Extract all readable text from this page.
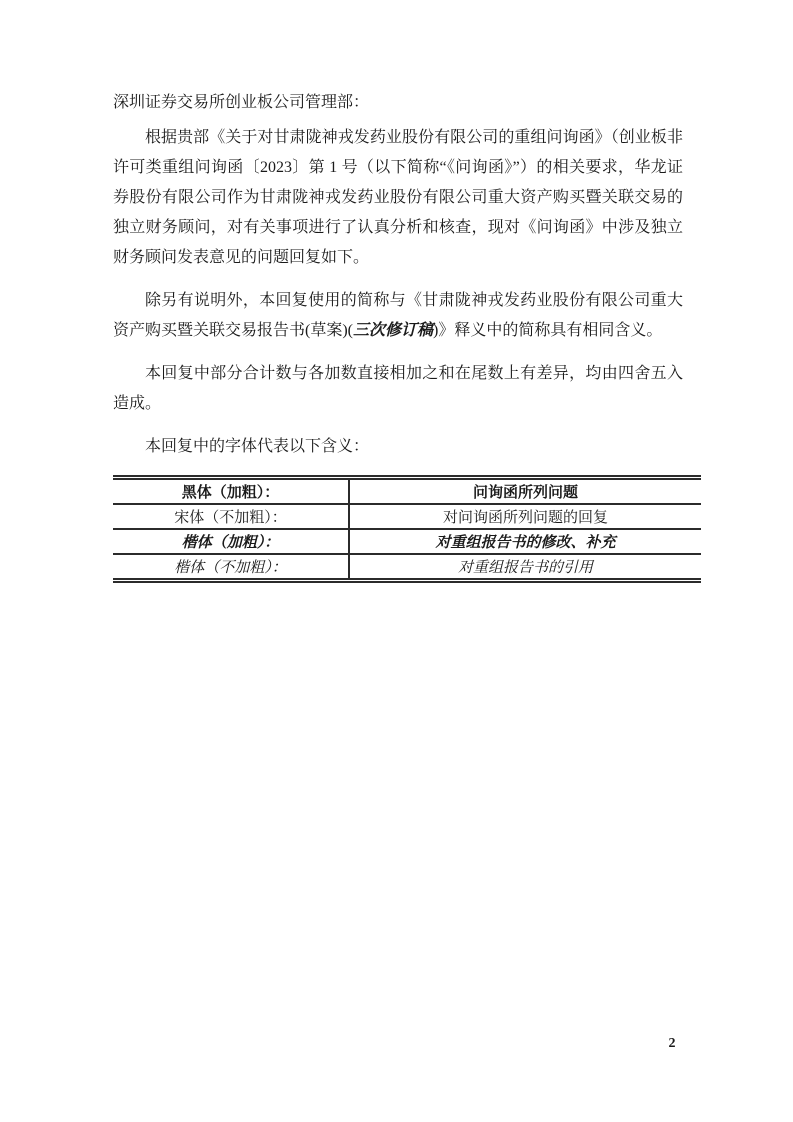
深圳证券交易所创业板公司管理部：

根据贵部《关于对甘肃陇神戎发药业股份有限公司的重组问询函》（创业板非许可类重组问询函〔2023〕第 1 号（以下简称“《问询函》”）的相关要求，华龙证券股份有限公司作为甘肃陇神戎发药业股份有限公司重大资产购买暨关联交易的独立财务顾问，对有关事项进行了认真分析和核查，现对《问询函》中涉及独立财务顾问发表意见的问题回复如下。

除另有说明外，本回复使用的简称与《甘肃陇神戎发药业股份有限公司重大资产购买暨关联交易报告书(草案)(三次修订稿)》释义中的简称具有相同含义。

本回复中部分合计数与各加数直接相加之和在尾数上有差异，均由四舍五入造成。

本回复中的字体代表以下含义：

黑体（加粗）：	问询函所列问题
宋体（不加粗）：	对问询函所列问题的回复
楷体（加粗）：	对重组报告书的修改、补充
楷体（不加粗）：	对重组报告书的引用
2
